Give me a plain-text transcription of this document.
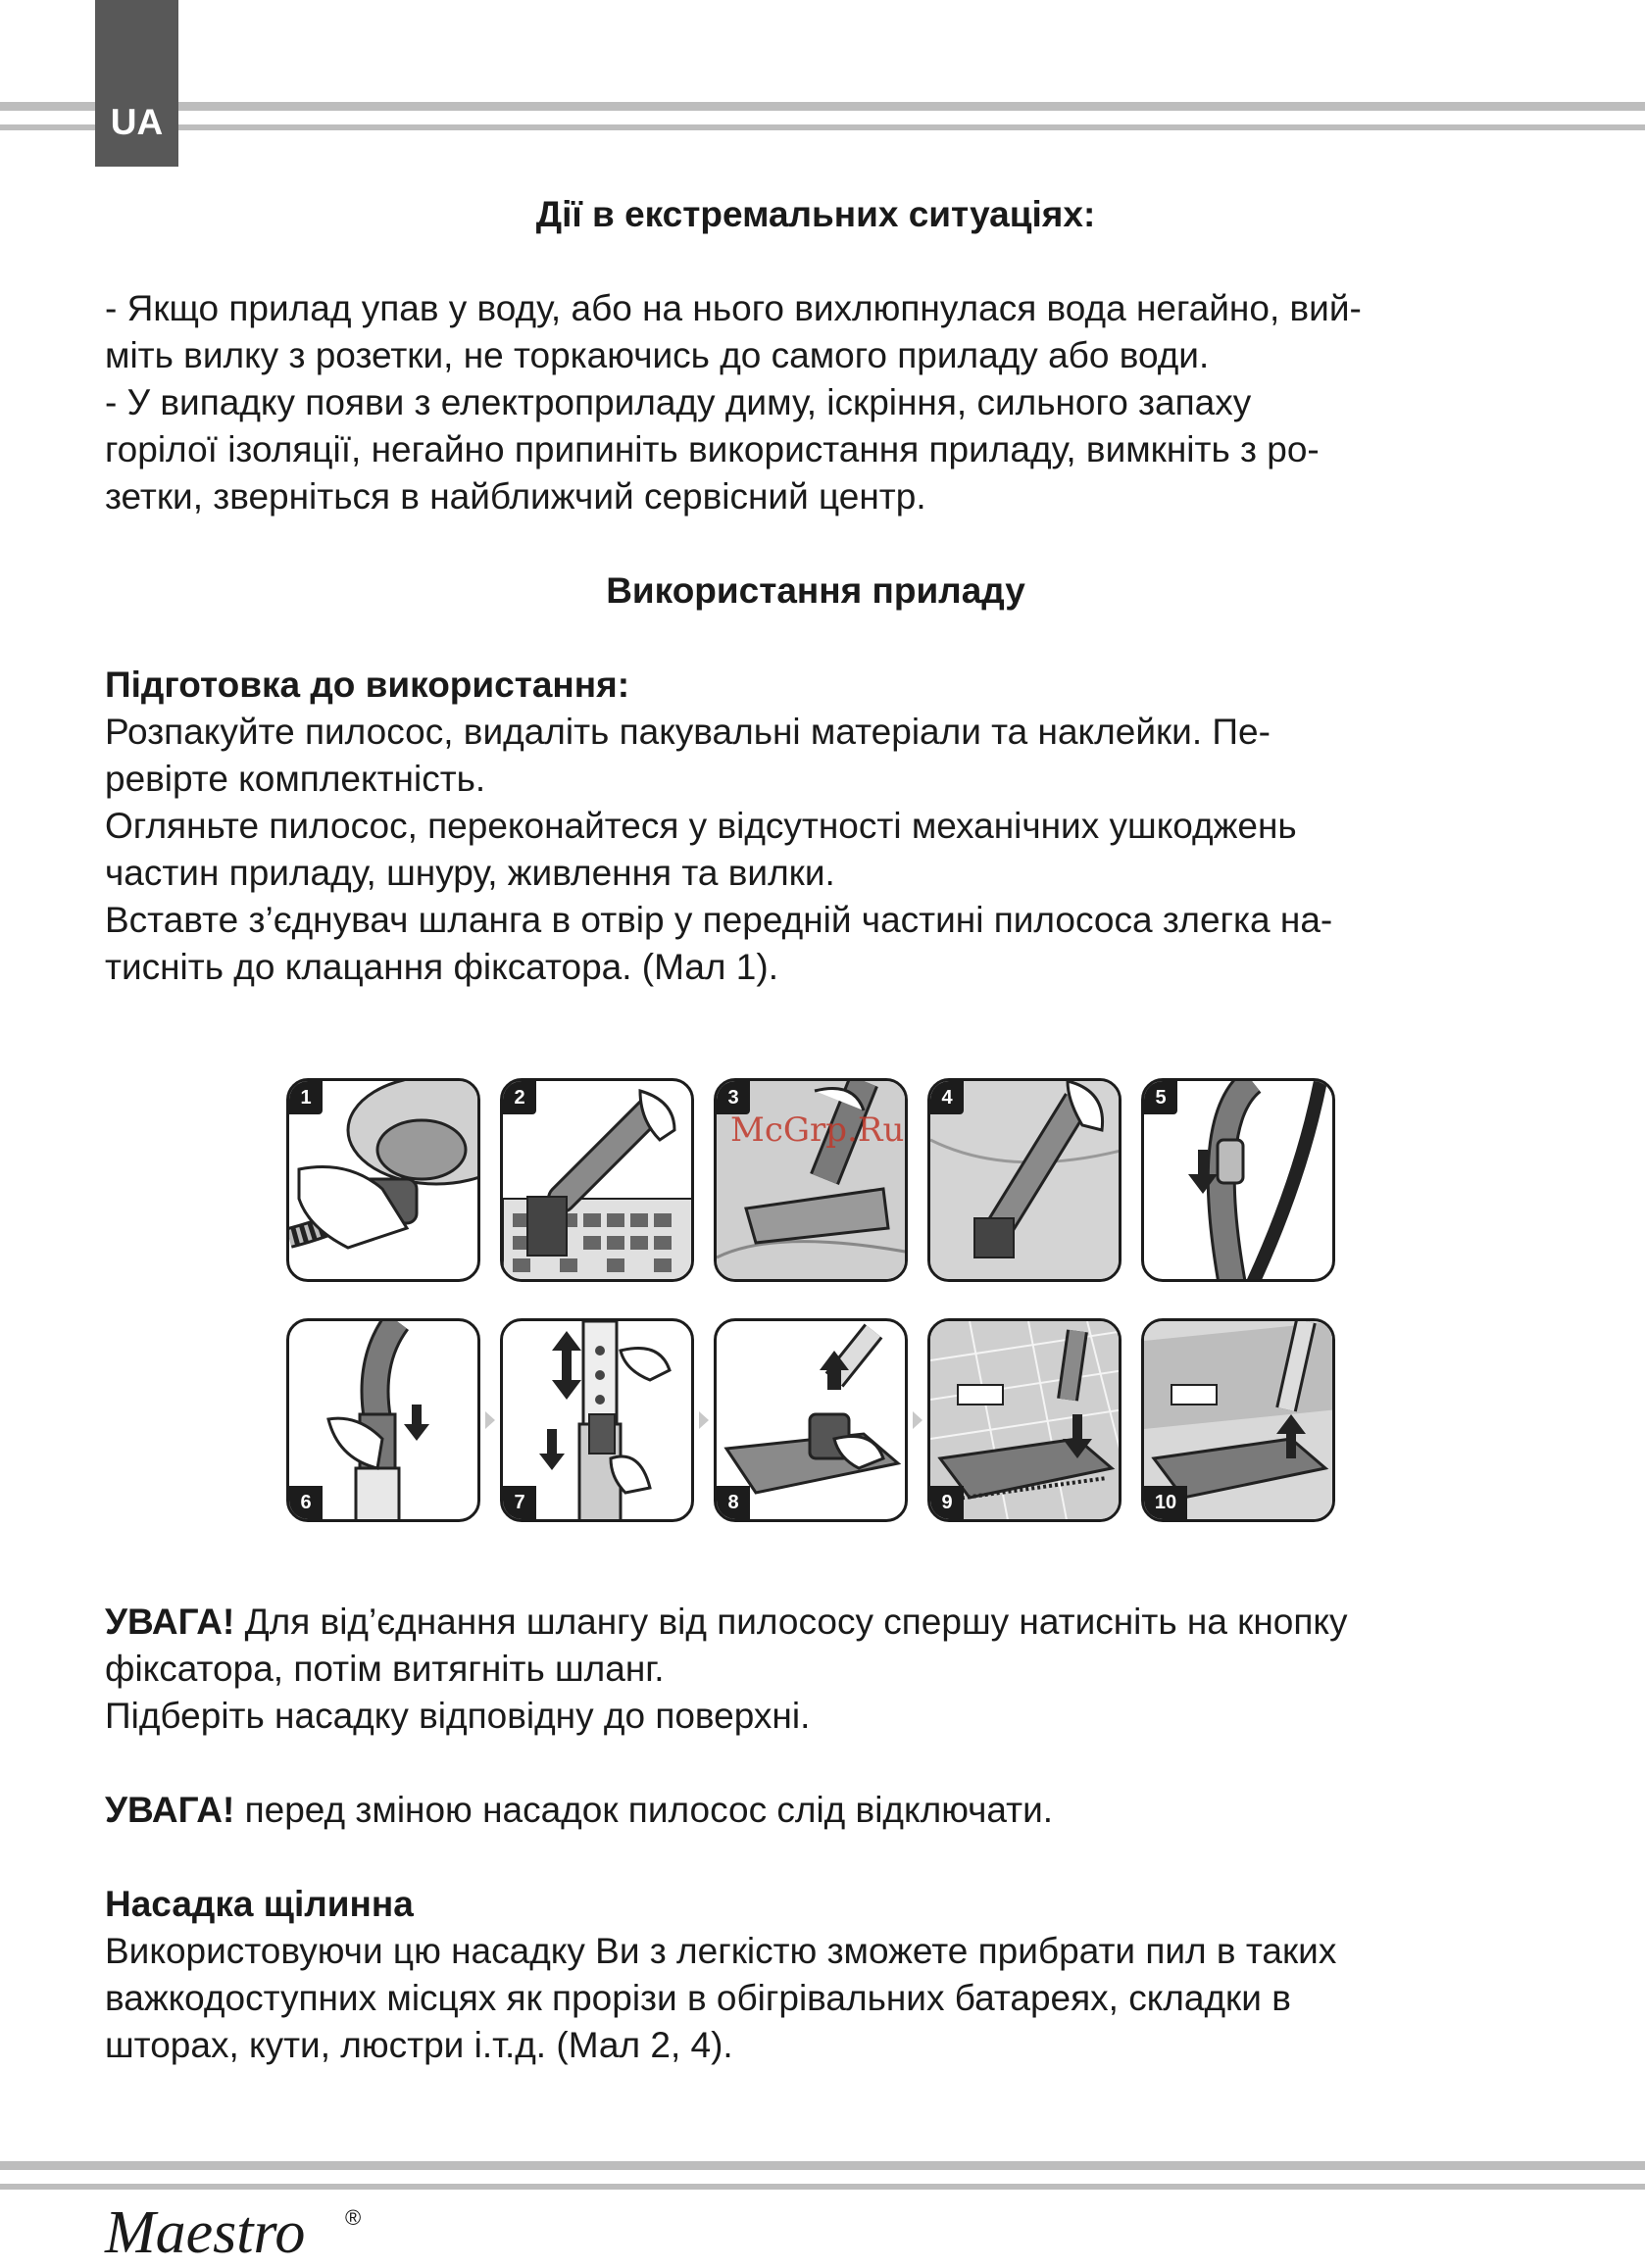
UA

Дії в екстремальних ситуаціях:

- Якщо прилад упав у воду, або на нього вихлюпнулася вода негайно, вий-

міть вилку з розетки, не торкаючись до самого приладу або води.

- У випадку появи з електроприладу диму, іскріння, сильного запаху

горілої ізоляції, негайно припиніть використання приладу, вимкніть з ро-

зетки, зверніться в найближчий сервісний центр.

Використання приладу

Підготовка до використання:

Розпакуйте пилосос, видаліть пакувальні матеріали та наклейки. Пе-

ревірте комплектність.

Огляньте пилосос, переконайтеся у відсутності механічних ушкоджень

частин приладу, шнуру, живлення та вилки.

Вставте з’єднувач шланга в отвір у передній частині пилососа злегка на-

тисніть до клацання фіксатора. (Мал 1).

УВАГА! Для від’єднання шлангу від пилососу спершу натисніть на кнопку

фіксатора, потім витягніть шланг.

Підберіть насадку відповідну до поверхні.

УВАГА! перед зміною насадок пилосос слід відключати.

Насадка щілинна

Використовуючи цю насадку Ви з легкістю зможете прибрати пил в таких

важкодоступних місцях як прорізи в обігрівальних батареях, складки в

шторах, кути, люстри і.т.д. (Мал 2, 4).

1	2	3	4	5
6	7	8	9	10
McGrp.Ru
Maestro ®
